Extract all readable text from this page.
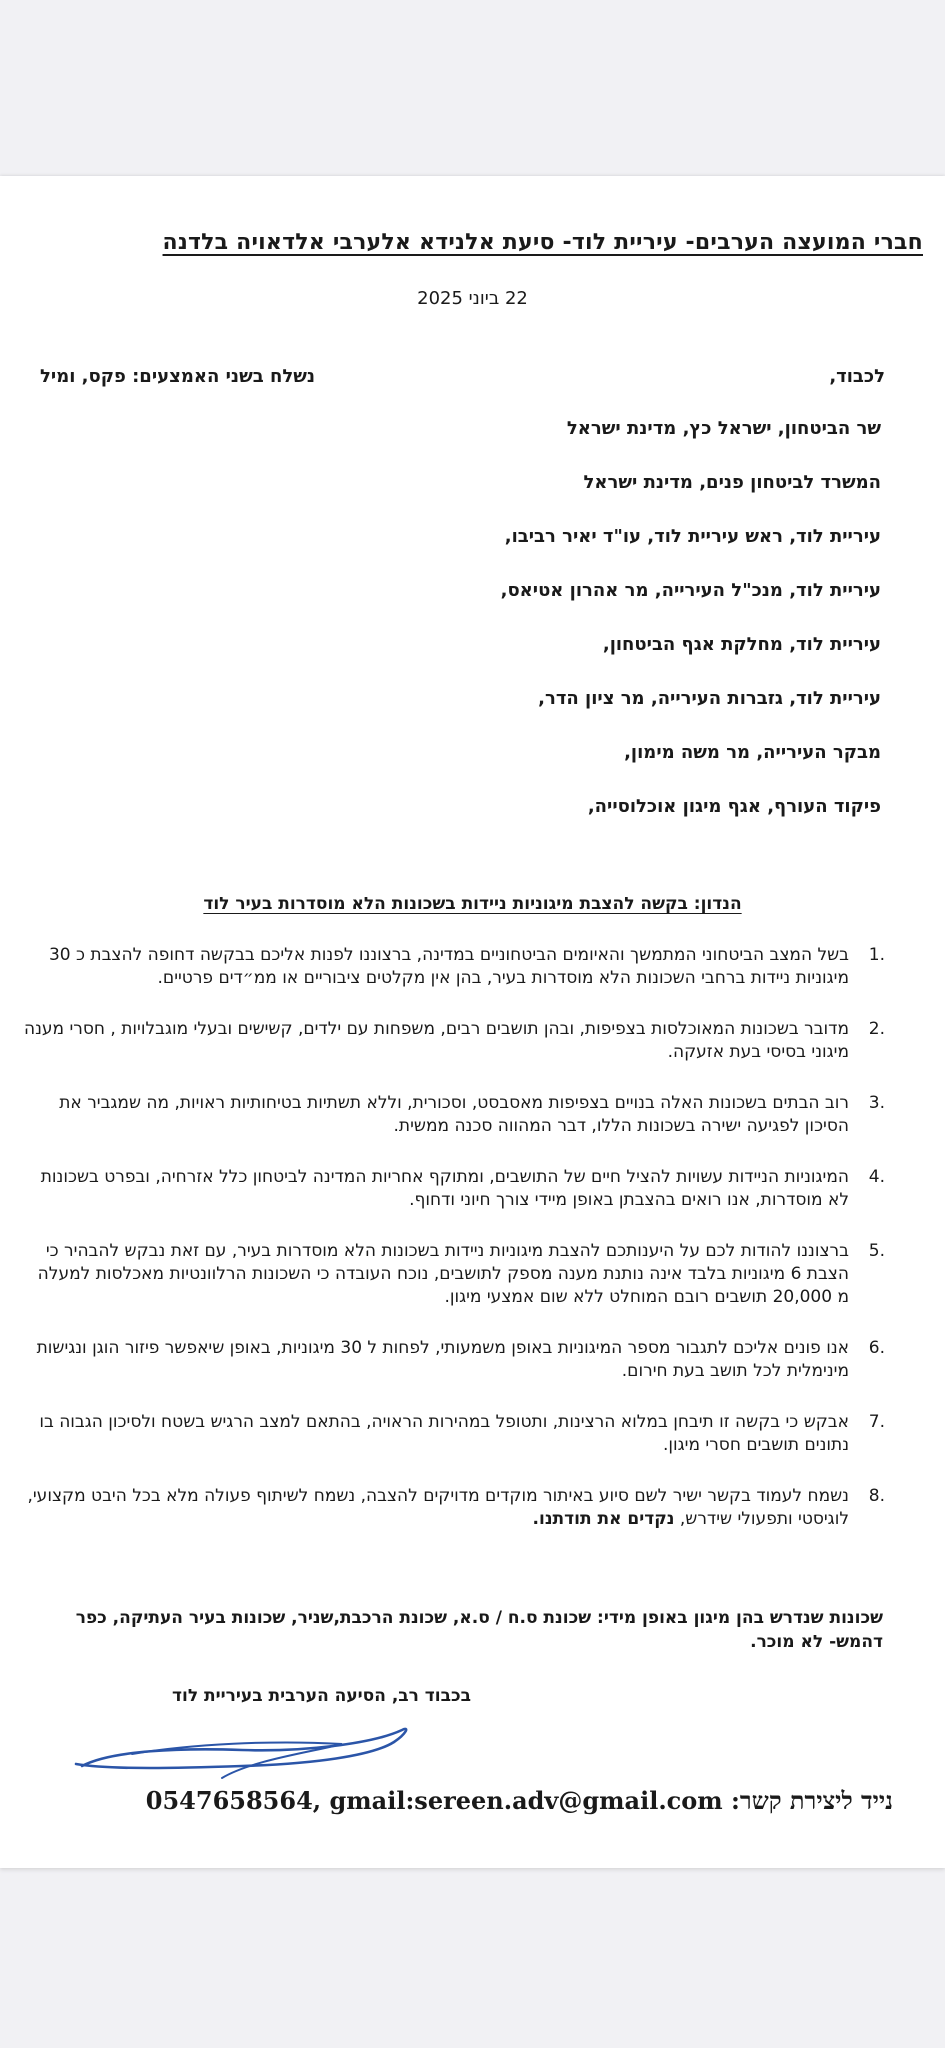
חברי המועצה הערבים- עיריית לוד- סיעת אלנידא אלערבי אלדאויה בלדנה
22 ביוני 2025
לכבוד,
נשלח בשני האמצעים: פקס, ומיל
שר הביטחון, ישראל כץ, מדינת ישראל
המשרד לביטחון פנים, מדינת ישראל
עיריית לוד, ראש עיריית לוד, עו"ד יאיר רביבו,
עיריית לוד, מנכ"ל העירייה, מר אהרון אטיאס,
עיריית לוד, מחלקת אגף הביטחון,
עיריית לוד, גזברות העירייה, מר ציון הדר,
מבקר העירייה, מר משה מימון,
פיקוד העורף, אגף מיגון אוכלוסייה,
הנדון: בקשה להצבת מיגוניות ניידות בשכונות הלא מוסדרות בעיר לוד
.1
בשל המצב הביטחוני המתמשך והאיומים הביטחוניים במדינה, ברצוננו לפנות אליכם בבקשה דחופה להצבת כ 30 מיגוניות ניידות ברחבי השכונות הלא מוסדרות בעיר, בהן אין מקלטים ציבוריים או ממ״דים פרטיים.
.2
מדובר בשכונות המאוכלסות בצפיפות, ובהן תושבים רבים, משפחות עם ילדים, קשישים ובעלי מוגבלויות , חסרי מענה מיגוני בסיסי בעת אזעקה.
.3
רוב הבתים בשכונות האלה בנויים בצפיפות מאסבסט, וסכורית, וללא תשתיות בטיחותיות ראויות, מה שמגביר את הסיכון לפגיעה ישירה בשכונות הללו, דבר המהווה סכנה ממשית.
.4
המיגוניות הניידות עשויות להציל חיים של התושבים, ומתוקף אחריות המדינה לביטחון כלל אזרחיה, ובפרט בשכונות לא מוסדרות, אנו רואים בהצבתן באופן מיידי צורך חיוני ודחוף.
.5
ברצוננו להודות לכם על היענותכם להצבת מיגוניות ניידות בשכונות הלא מוסדרות בעיר, עם זאת נבקש להבהיר כי הצבת 6 מיגוניות בלבד אינה נותנת מענה מספק לתושבים, נוכח העובדה כי השכונות הרלוונטיות מאכלסות למעלה מ 20,000 תושבים רובם המוחלט ללא שום אמצעי מיגון.
.6
אנו פונים אליכם לתגבור מספר המיגוניות באופן משמעותי, לפחות ל 30 מיגוניות, באופן שיאפשר פיזור הוגן ונגישות מינימלית לכל תושב בעת חירום.
.7
אבקש כי בקשה זו תיבחן במלוא הרצינות, ותטופל במהירות הראויה, בהתאם למצב הרגיש בשטח ולסיכון הגבוה בו נתונים תושבים חסרי מיגון.
.8
נשמח לעמוד בקשר ישיר לשם סיוע באיתור מוקדים מדויקים להצבה, נשמח לשיתוף פעולה מלא בכל היבט מקצועי, לוגיסטי ותפעולי שידרש, נקדים את תודתנו.
שכונות שנדרש בהן מיגון באופן מידי: שכונת ס.ח / ס.א, שכונת הרכבת,שניר, שכונות בעיר העתיקה, כפר דהמש- לא מוכר.
בכבוד רב, הסיעה הערבית בעיריית לוד
נייד ליצירת קשר: 0547658564, gmail:sereen.adv@gmail.com
